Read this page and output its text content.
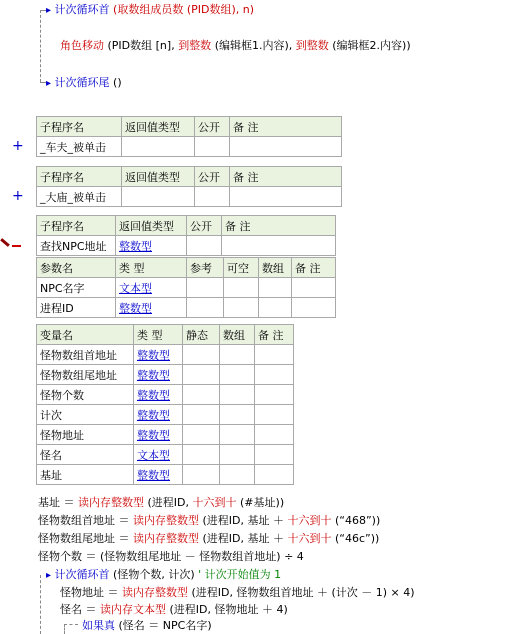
▸ 计次循环首 (取数组成员数 (PID数组), n)
角色移动 (PID数组 [n], 到整数 (编辑框1.内容), 到整数 (编辑框2.内容))
▸ 计次循环尾 ()
+
子程序名	返回值类型	公开	备 注
_车夫_被单击			
+
子程序名	返回值类型	公开	备 注
_大庙_被单击			
子程序名	返回值类型	公开	备 注
查找NPC地址	整数型		
参数名	类 型	参考	可空	数组	备 注
NPC名字	文本型				
进程ID	整数型				
变量名	类 型	静态	数组	备 注
怪物数组首地址	整数型			
怪物数组尾地址	整数型			
怪物个数	整数型			
计次	整数型			
怪物地址	整数型			
怪名	文本型			
基址	整数型			
基址 ＝ 读内存整数型 (进程ID, 十六到十 (#基址))
怪物数组首地址 ＝ 读内存整数型 (进程ID, 基址 ＋ 十六到十 (“468”))
怪物数组尾地址 ＝ 读内存整数型 (进程ID, 基址 ＋ 十六到十 (“46c”))
怪物个数 ＝ (怪物数组尾地址 － 怪物数组首地址) ÷ 4
▸ 计次循环首 (怪物个数, 计次) ' 计次开始值为 1
怪物地址 ＝ 读内存整数型 (进程ID, 怪物数组首地址 ＋ (计次 － 1) × 4)
怪名 ＝ 读内存文本型 (进程ID, 怪物地址 ＋ 4)
如果真 (怪名 ＝ NPC名字)
